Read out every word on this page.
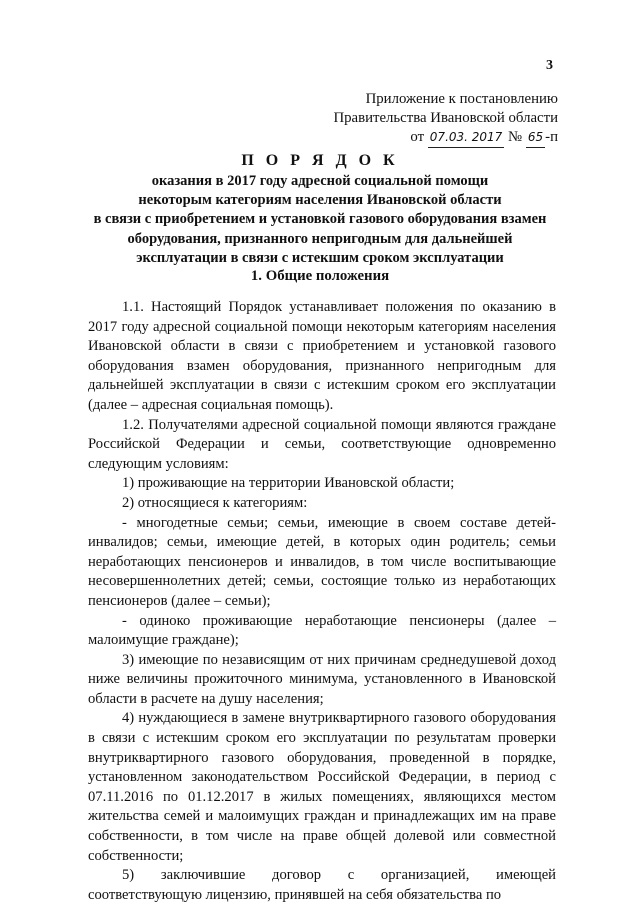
3
Приложение к постановлению
Правительства Ивановской области
от 07.03. 2017 № 65 -п
П О Р Я Д О К

оказания в 2017 году адресной социальной помощи

некоторым категориям населения Ивановской области

в связи с приобретением и установкой газового оборудования взамен

оборудования, признанного непригодным для дальнейшей

эксплуатации в связи с истекшим сроком эксплуатации

1. Общие положения

1.1. Настоящий Порядок устанавливает положения по оказанию в 2017 году адресной социальной помощи некоторым категориям населения Ивановской области в связи с приобретением и установкой газового оборудования взамен оборудования, признанного непригодным для дальнейшей эксплуатации в связи с истекшим сроком его эксплуатации (далее – адресная социальная помощь).

1.2. Получателями адресной социальной помощи являются граждане Российской Федерации и семьи, соответствующие одновременно следующим условиям:

1) проживающие на территории Ивановской области;

2) относящиеся к категориям:

- многодетные семьи; семьи, имеющие в своем составе детей-инвалидов; семьи, имеющие детей, в которых один родитель; семьи неработающих пенсионеров и инвалидов, в том числе воспитывающие несовершеннолетних детей; семьи, состоящие только из неработающих пенсионеров (далее – семьи);

- одиноко проживающие неработающие пенсионеры (далее – малоимущие граждане);

3) имеющие по независящим от них причинам среднедушевой доход ниже величины прожиточного минимума, установленного в Ивановской области в расчете на душу населения;

4) нуждающиеся в замене внутриквартирного газового оборудования в связи с истекшим сроком его эксплуатации по результатам проверки внутриквартирного газового оборудования, проведенной в порядке, установленном законодательством Российской Федерации, в период с 07.11.2016 по 01.12.2017 в жилых помещениях, являющихся местом жительства семей и малоимущих граждан и принадлежащих им на праве собственности, в том числе на праве общей долевой или совместной собственности;

5) заключившие договор с организацией, имеющей соответствующую лицензию, принявшей на себя обязательства по
